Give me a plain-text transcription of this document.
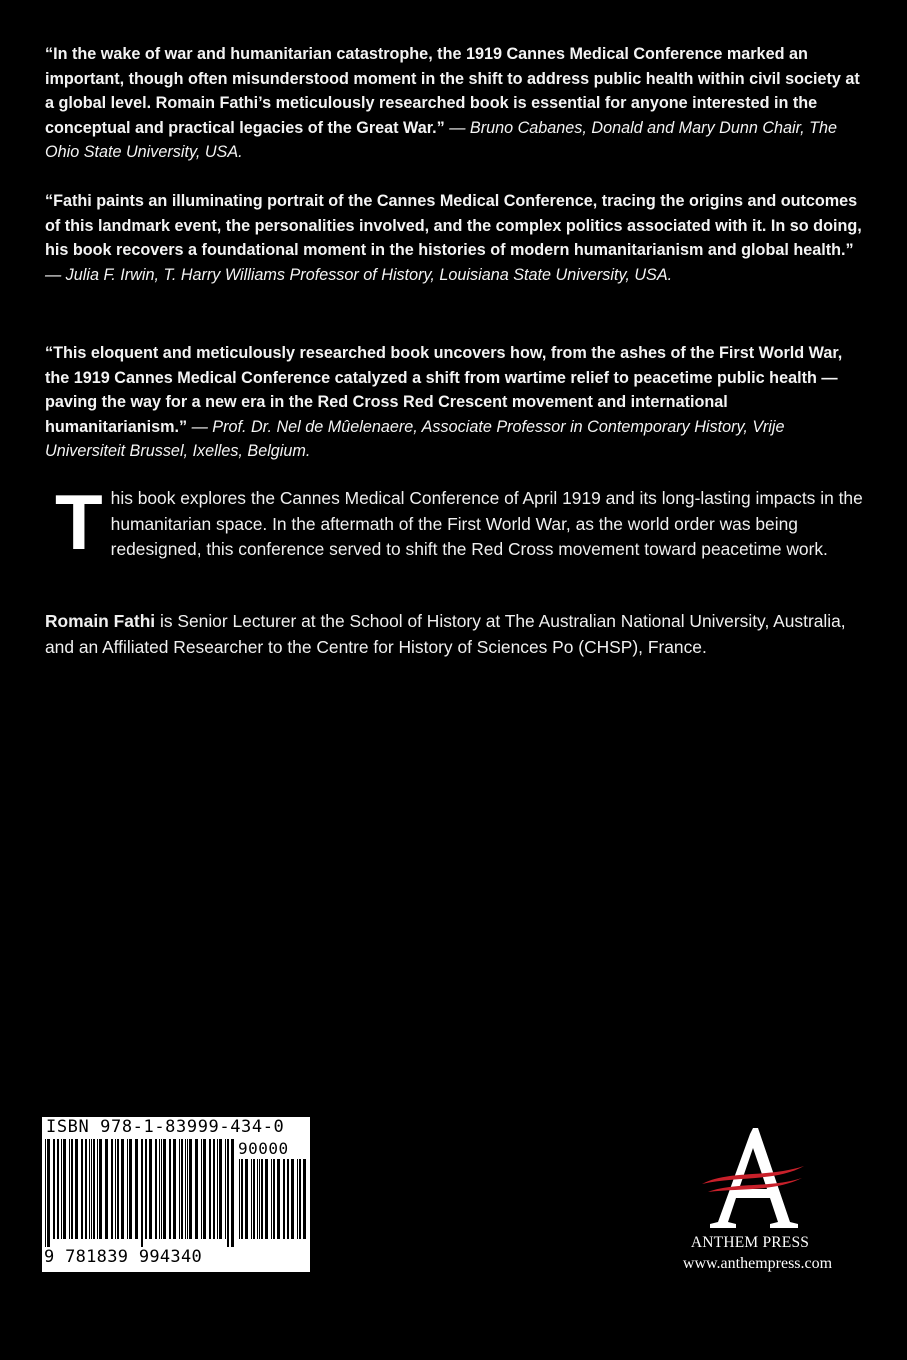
“In the wake of war and humanitarian catastrophe, the 1919 Cannes Medical Conference marked an important, though often misunderstood moment in the shift to address public health within civil society at a global level. Romain Fathi’s meticulously researched book is essential for anyone interested in the conceptual and practical legacies of the Great War.” — Bruno Cabanes, Donald and Mary Dunn Chair, The Ohio State University, USA.

“Fathi paints an illuminating portrait of the Cannes Medical Conference, tracing the origins and outcomes of this landmark event, the personalities involved, and the complex politics associated with it. In so doing, his book recovers a foundational moment in the histories of modern humanitarianism and global health.” — Julia F. Irwin, T. Harry Williams Professor of History, Louisiana State University, USA.

“This eloquent and meticulously researched book uncovers how, from the ashes of the First World War, the 1919 Cannes Medical Conference catalyzed a shift from wartime relief to peacetime public health — paving the way for a new era in the Red Cross Red Crescent movement and international humanitarianism.” — Prof. Dr. Nel de Mûelenaere, Associate Professor in Contemporary History, Vrije Universiteit Brussel, Ixelles, Belgium.

This book explores the Cannes Medical Conference of April 1919 and its long-lasting impacts in the humanitarian space. In the aftermath of the First World War, as the world order was being redesigned, this conference served to shift the Red Cross movement toward peacetime work.

Romain Fathi is Senior Lecturer at the School of History at The Australian National University, Australia, and an Affiliated Researcher to the Centre for History of Sciences Po (CHSP), France.

ISBN 978-1-83999-434-0
90000
9 781839 994340
ANTHEM PRESS
www.anthempress.com
